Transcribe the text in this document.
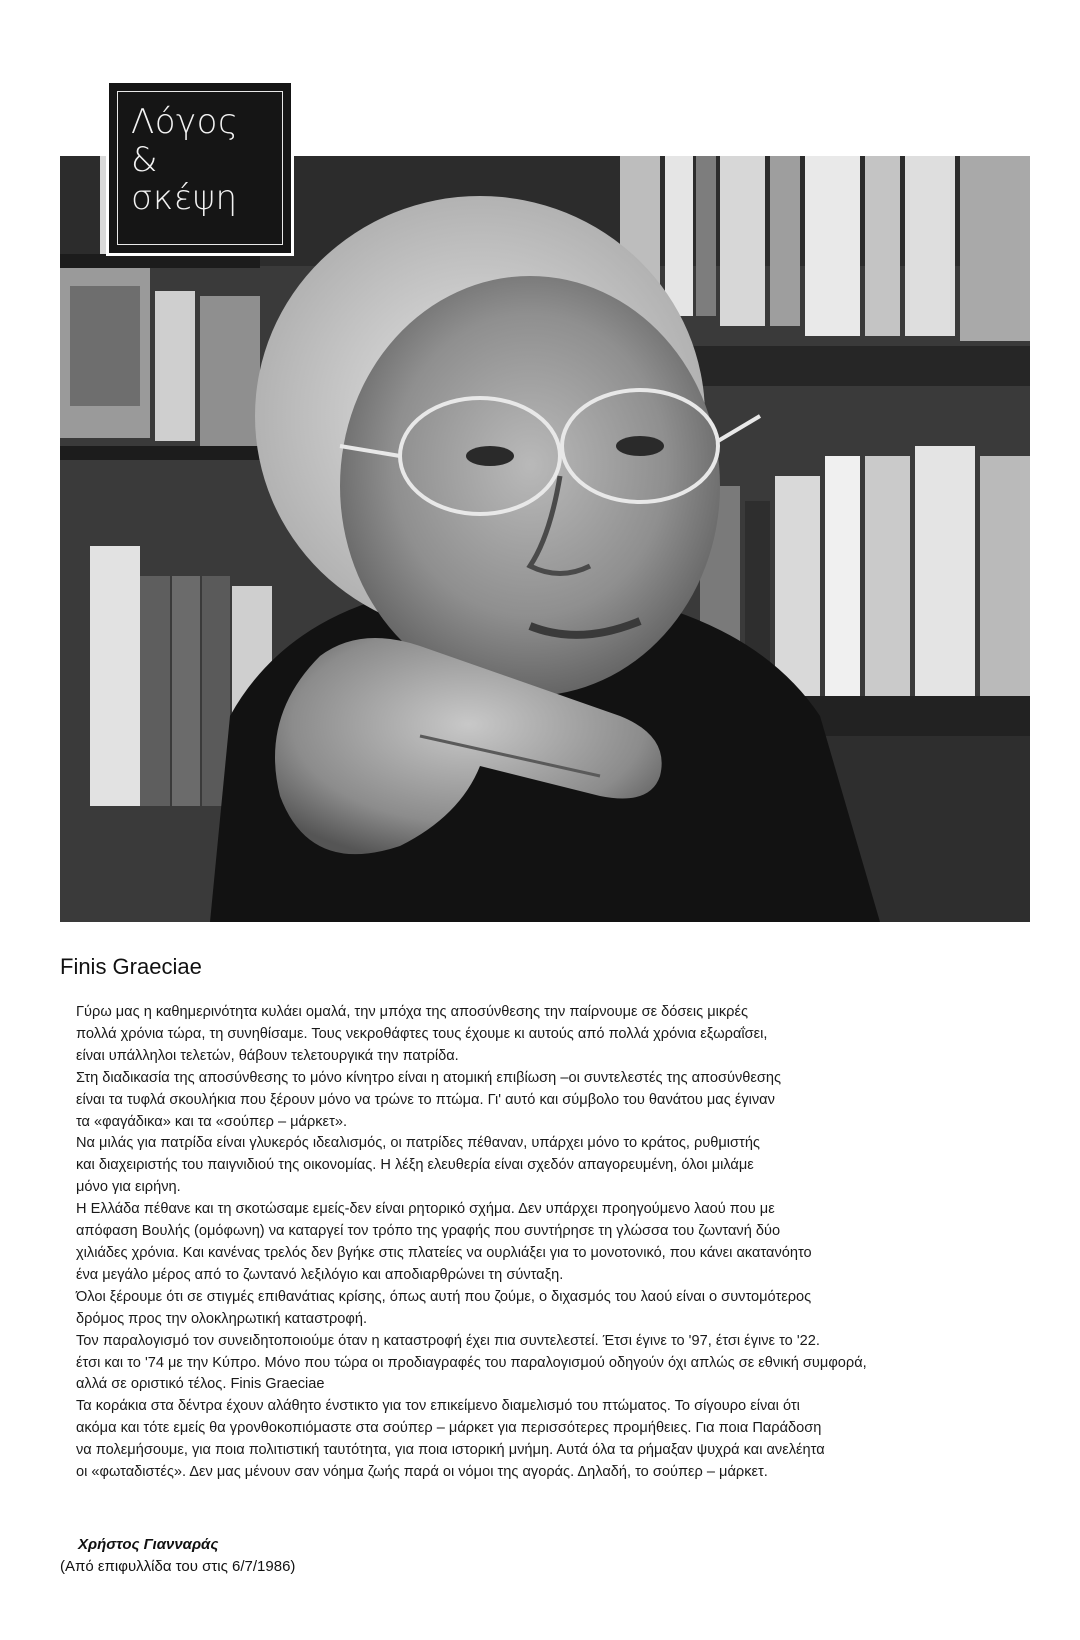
Λόγος
&
σκέψη
Finis Graeciae
Γύρω μας η καθημερινότητα κυλάει ομαλά, την μπόχα της αποσύνθεσης την παίρνουμε σε δόσεις μικρές
πολλά χρόνια τώρα, τη συνηθίσαμε. Τους νεκροθάφτες τους έχουμε κι αυτούς από πολλά χρόνια εξωραΐσει,
είναι υπάλληλοι τελετών, θάβουν τελετουργικά την πατρίδα.
Στη διαδικασία της αποσύνθεσης το μόνο κίνητρο είναι η ατομική επιβίωση –οι συντελεστές της αποσύνθεσης
είναι τα τυφλά σκουλήκια που ξέρουν μόνο να τρώνε το πτώμα. Γι' αυτό και σύμβολο του θανάτου μας έγιναν
τα «φαγάδικα» και τα «σούπερ – μάρκετ».
Να μιλάς για πατρίδα είναι γλυκερός ιδεαλισμός, οι πατρίδες πέθαναν, υπάρχει μόνο το κράτος, ρυθμιστής
και διαχειριστής του παιγνιδιού της οικονομίας. Η λέξη ελευθερία είναι σχεδόν απαγορευμένη, όλοι μιλάμε
μόνο για ειρήνη.
Η Ελλάδα πέθανε και τη σκοτώσαμε εμείς-δεν είναι ρητορικό σχήμα. Δεν υπάρχει προηγούμενο λαού που με
απόφαση Βουλής (ομόφωνη) να καταργεί τον τρόπο της γραφής που συντήρησε τη γλώσσα του ζωντανή δύο
χιλιάδες χρόνια. Και κανένας τρελός δεν βγήκε στις πλατείες να ουρλιάξει για το μονοτονικό, που κάνει ακατανόητο
ένα μεγάλο μέρος από το ζωντανό λεξιλόγιο και αποδιαρθρώνει τη σύνταξη.
Όλοι ξέρουμε ότι σε στιγμές επιθανάτιας κρίσης, όπως αυτή που ζούμε, ο διχασμός του λαού είναι ο συντομότερος
δρόμος προς την ολοκληρωτική καταστροφή.
Τον παραλογισμό τον συνειδητοποιούμε όταν η καταστροφή έχει πια συντελεστεί. Έτσι έγινε το '97, έτσι έγινε το '22.
έτσι και το '74 με την Κύπρο. Μόνο που τώρα οι προδιαγραφές του παραλογισμού οδηγούν όχι απλώς σε εθνική συμφορά,
αλλά σε οριστικό τέλος. Finis Graeciae
Τα κοράκια στα δέντρα έχουν αλάθητο ένστικτο για τον επικείμενο διαμελισμό του πτώματος. Το σίγουρο είναι ότι
ακόμα και τότε εμείς θα γρονθοκοπιόμαστε στα σούπερ – μάρκετ για περισσότερες προμήθειες. Για ποια Παράδοση
να πολεμήσουμε, για ποια πολιτιστική ταυτότητα, για ποια ιστορική μνήμη. Αυτά όλα τα ρήμαξαν ψυχρά και ανελέητα
οι «φωταδιστές». Δεν μας μένουν σαν νόημα ζωής παρά οι νόμοι της αγοράς. Δηλαδή, το σούπερ – μάρκετ.
Χρήστος Γιανναράς
(Από επιφυλλίδα του στις 6/7/1986)
